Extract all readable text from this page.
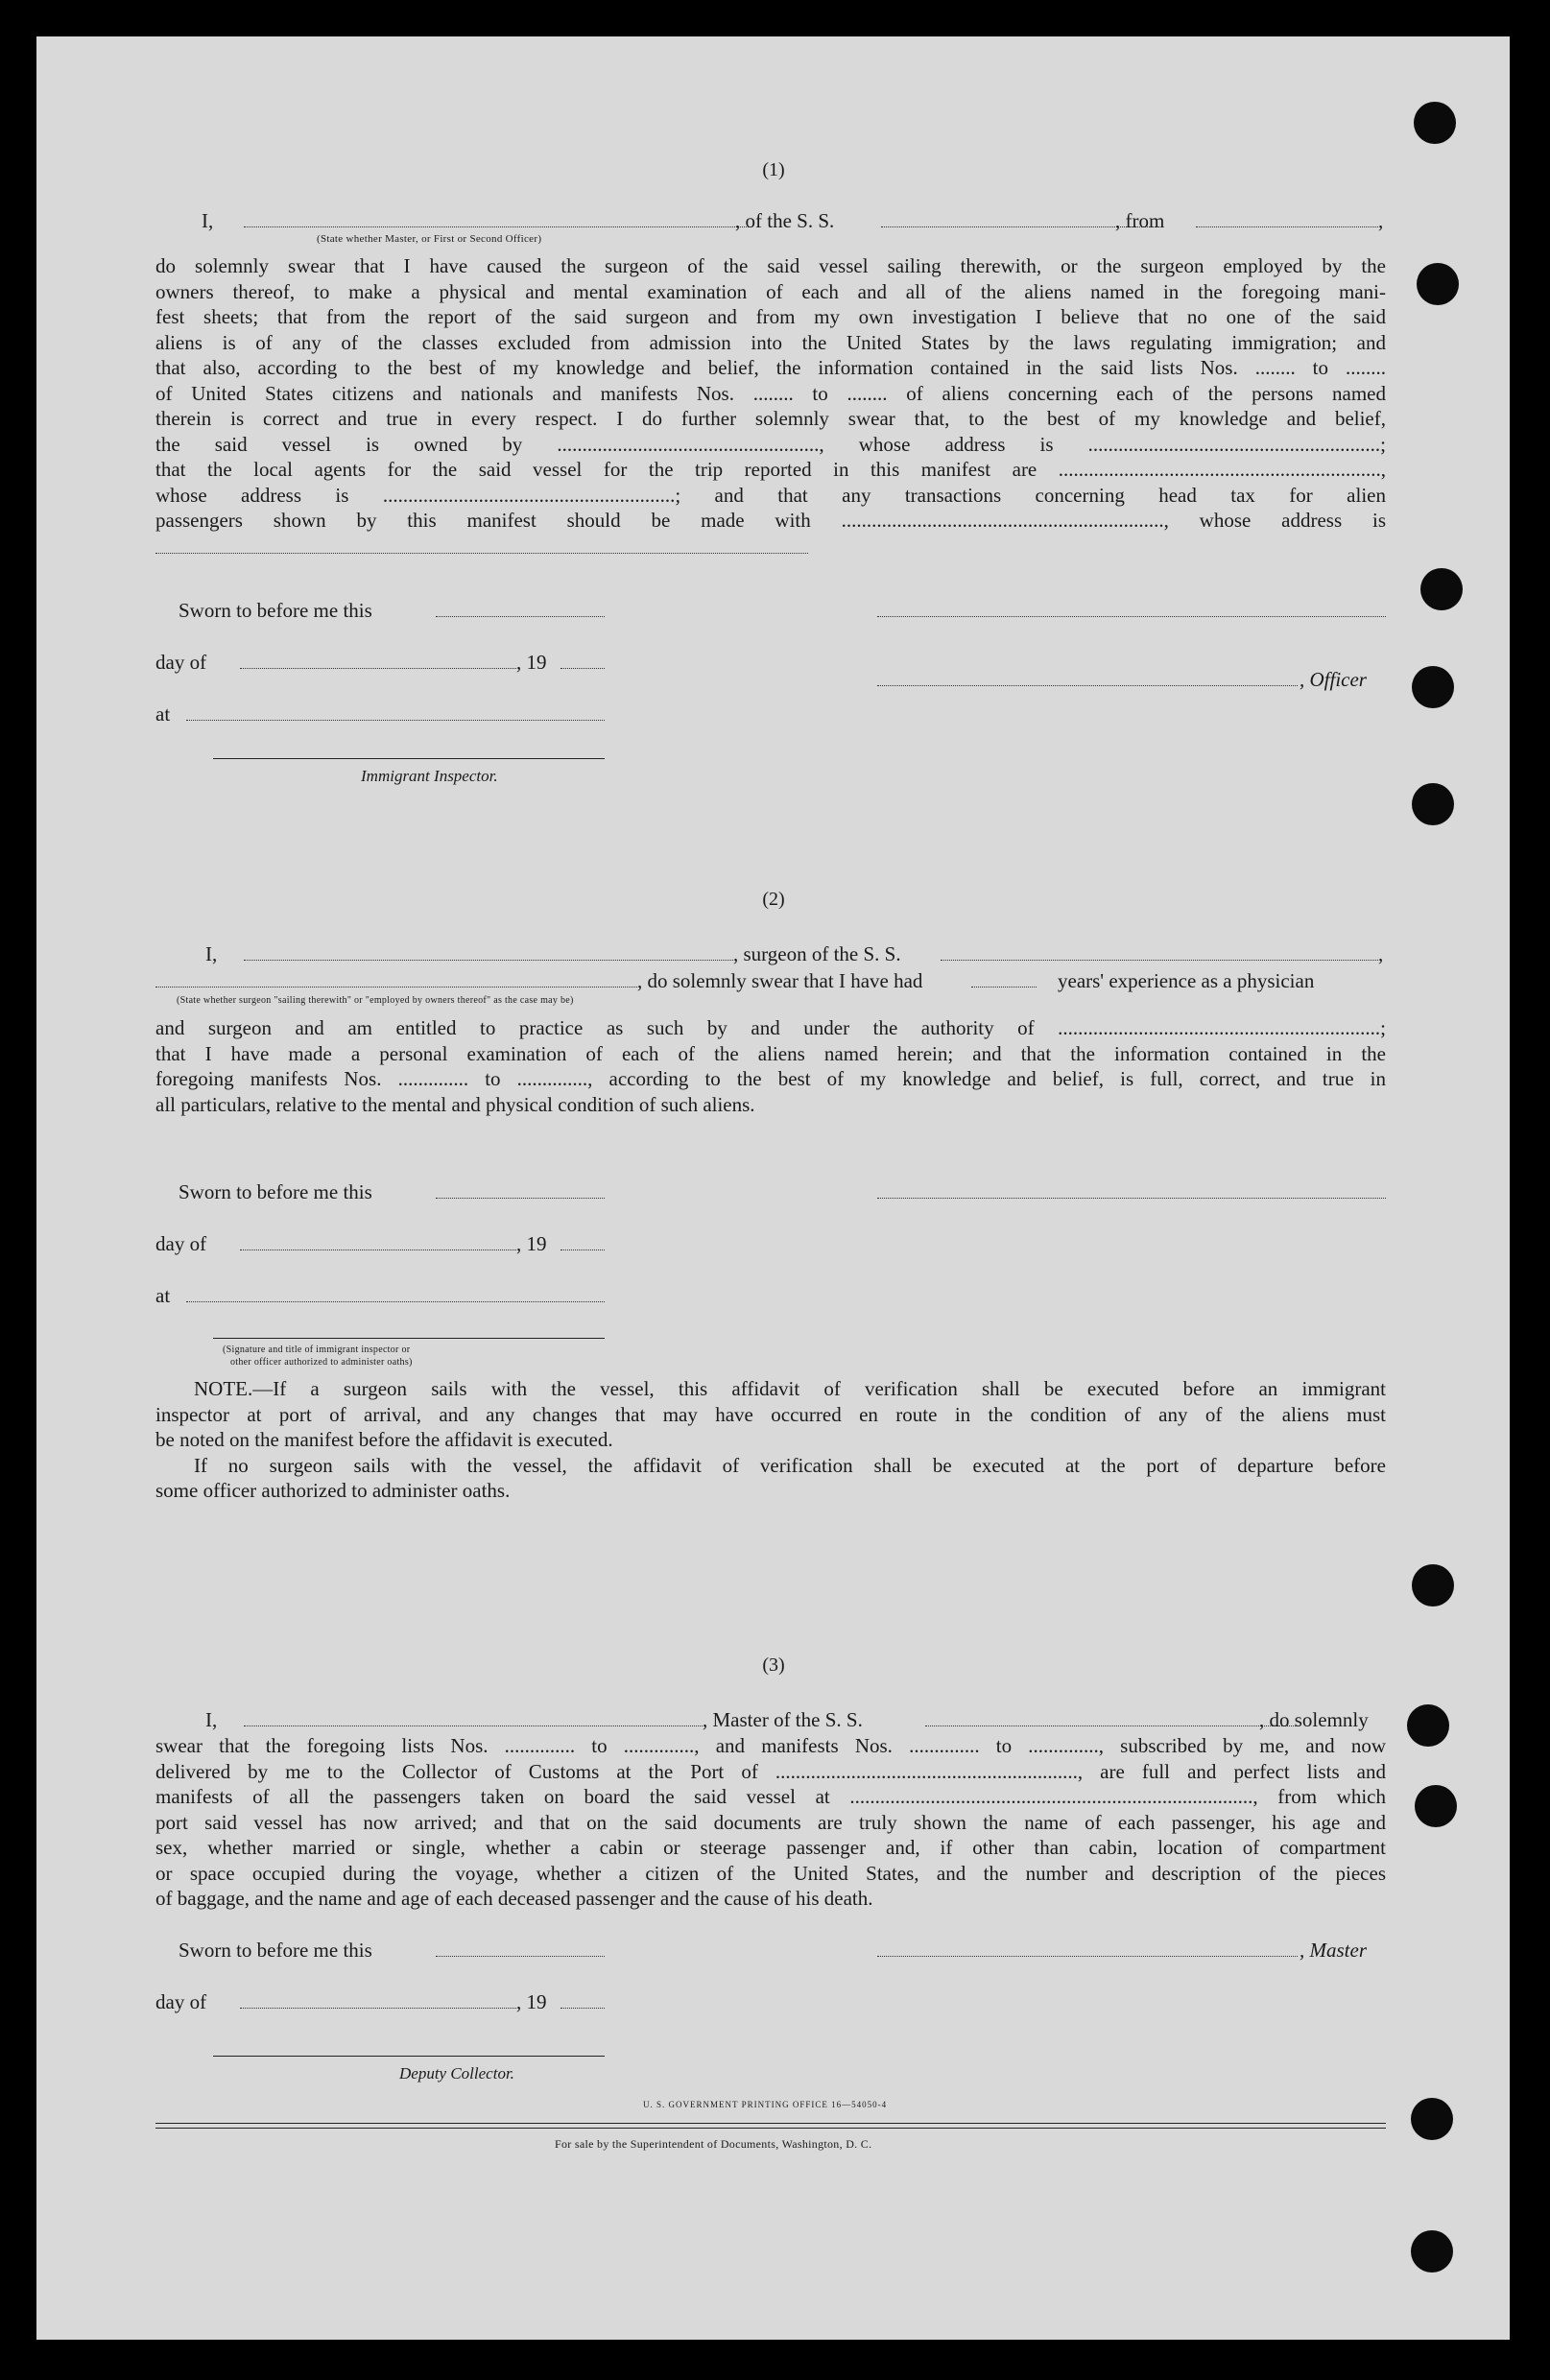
(1)
I,	, of the S. S.	, from	,
(State whether Master, or First or Second Officer)
do solemnly swear that I have caused the surgeon of the said vessel sailing therewith, or the surgeon employed by the
owners thereof, to make a physical and mental examination of each and all of the aliens named in the foregoing mani-
fest sheets; that from the report of the said surgeon and from my own investigation I believe that no one of the said
aliens is of any of the classes excluded from admission into the United States by the laws regulating immigration; and
that also, according to the best of my knowledge and belief, the information contained in the said lists Nos. ........ to ........
of United States citizens and nationals and manifests Nos. ........ to ........ of aliens concerning each of the persons named
therein is correct and true in every respect. I do further solemnly swear that, to the best of my knowledge and belief,
the said vessel is owned by ...................................................., whose address is ..........................................................;
that the local agents for the said vessel for the trip reported in this manifest are ................................................................,
whose address is ..........................................................; and that any transactions concerning head tax for alien
passengers shown by this manifest should be made with ................................................................, whose address is
Sworn to before me this
day of	, 19
, Officer
at
Immigrant Inspector.
(2)
I,	, surgeon of the S. S.	,
, do solemnly swear that I have had	years' experience as a physician
(State whether surgeon "sailing therewith" or "employed by owners thereof" as the case may be)
and surgeon and am entitled to practice as such by and under the authority of ................................................................;
that I have made a personal examination of each of the aliens named herein; and that the information contained in the
foregoing manifests Nos. .............. to .............., according to the best of my knowledge and belief, is full, correct, and true in
all particulars, relative to the mental and physical condition of such aliens.
Sworn to before me this
day of	, 19
at
(Signature and title of immigrant inspector or
other officer authorized to administer oaths)
NOTE.—If a surgeon sails with the vessel, this affidavit of verification shall be executed before an immigrant
inspector at port of arrival, and any changes that may have occurred en route in the condition of any of the aliens must
be noted on the manifest before the affidavit is executed.
If no surgeon sails with the vessel, the affidavit of verification shall be executed at the port of departure before
some officer authorized to administer oaths.
(3)
I,	, Master of the S. S.	, do solemnly
swear that the foregoing lists Nos. .............. to .............., and manifests Nos. .............. to .............., subscribed by me, and now
delivered by me to the Collector of Customs at the Port of ............................................................, are full and perfect lists and
manifests of all the passengers taken on board the said vessel at ................................................................................, from which
port said vessel has now arrived; and that on the said documents are truly shown the name of each passenger, his age and
sex, whether married or single, whether a cabin or steerage passenger and, if other than cabin, location of compartment
or space occupied during the voyage, whether a citizen of the United States, and the number and description of the pieces
of baggage, and the name and age of each deceased passenger and the cause of his death.
Sworn to before me this	, Master
day of	, 19
Deputy Collector.
U. S. GOVERNMENT PRINTING OFFICE 16—54050-4
For sale by the Superintendent of Documents, Washington, D. C.
